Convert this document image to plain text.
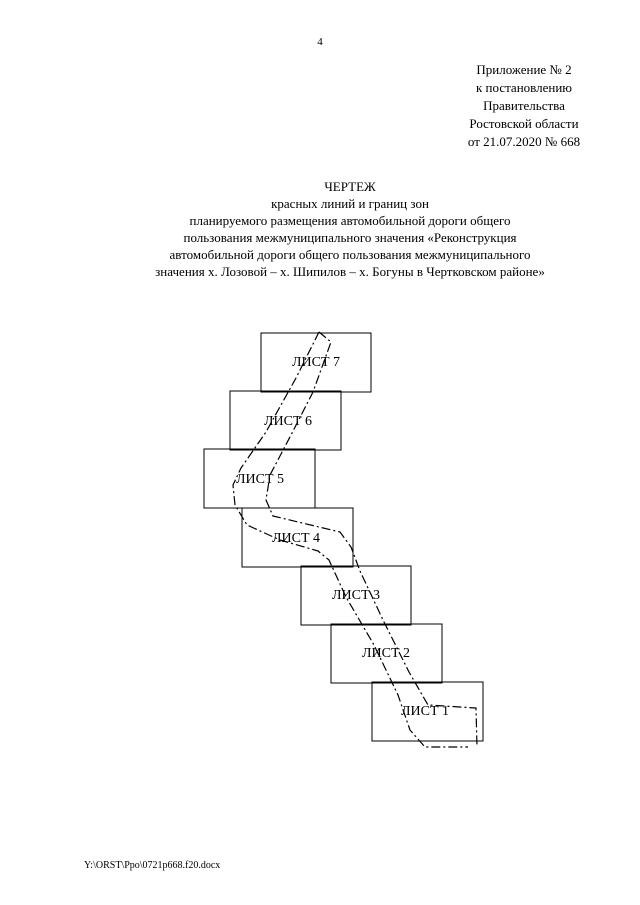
4
Приложение № 2
к постановлению
Правительства
Ростовской области
от 21.07.2020 № 668
ЧЕРТЕЖ
красных линий и границ зон
планируемого размещения автомобильной дороги общего
пользования межмуниципального значения «Реконструкция
автомобильной дороги общего пользования межмуниципального
значения х. Лозовой – х. Шипилов – х. Богуны в Чертковском районе»
ЛИСТ 7
ЛИСТ 6
ЛИСТ 5
ЛИСТ 4
ЛИСТ 3
ЛИСТ 2
ЛИСТ 1
Y:\ORST\Ppo\0721p668.f20.docx
